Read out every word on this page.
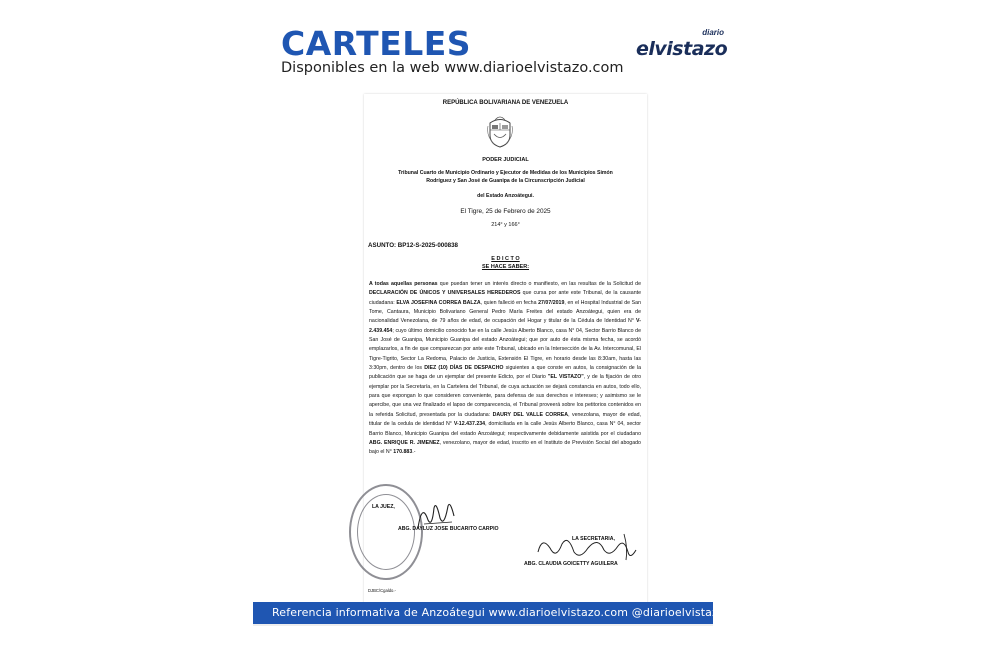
CARTELES
Disponibles en la web www.diarioelvistazo.com
diario
elvistazo
REPÚBLICA BOLIVARIANA DE VENEZUELA
PODER JUDICIAL
Tribunal Cuarto de Municipio Ordinario y Ejecutor de Medidas de los Municipios Simón
Rodríguez y San José de Guanipa de la Circunscripción Judicial
del Estado Anzoátegui.
El Tigre, 25 de Febrero de 2025
214° y 166°
ASUNTO: BP12-S-2025-000838
E D I C T O
SE HACE SABER:
A todas aquellas personas que puedan tener un interés directo o manifiesto, en las resultas de la Solicitud de DECLARACIÓN DE ÚNICOS Y UNIVERSALES HEREDEROS que cursa por ante este Tribunal, de la causante ciudadana: ELVA JOSEFINA CORREA BALZA, quien falleció en fecha 27/07/2019, en el Hospital Industrial de San Tome, Cantaura, Municipio Bolivariano General Pedro María Freites del estado Anzoátegui, quien era de nacionalidad Venezolana, de 79 años de edad, de ocupación del Hogar y titular de la Cédula de Identidad N° V-2.439.454; cuyo último domicilio conocido fue en la calle Jesús Alberto Blanco, casa N° 04, Sector Barrio Blanco de San José de Guanipa, Municipio Guanipa del estado Anzoátegui; que por auto de ésta misma fecha, se acordó emplazarlos, a fin de que comparezcan por ante este Tribunal, ubicado en la Intersección de la Av. Intercomunal, El Tigre-Tigrito, Sector La Redoma, Palacio de Justicia, Extensión El Tigre, en horario desde las 8:30am, hasta las 3:30pm, dentro de los DIEZ (10) DÍAS DE DESPACHO siguientes a que conste en autos, la consignación de la publicación que se haga de un ejemplar del presente Edicto, por el Diario "EL VISTAZO", y de la fijación de otro ejemplar por la Secretaría, en la Cartelera del Tribunal, de cuya actuación se dejará constancia en autos, todo ello, para que expongan lo que consideren conveniente, para defensa de sus derechos e intereses; y asimismo se le apercibe, que una vez finalizado el lapso de comparecencia, el Tribunal proveerá sobre los petitorios contenidos en la referida Solicitud, presentada por la ciudadana: DAURY DEL VALLE CORREA, venezolana, mayor de edad, titular de la cedula de identidad N° V-12.437.234, domiciliada en la calle Jesús Alberto Blanco, casa N° 04, sector Barrio Blanco, Municipio Guanipa del estado Anzoátegui; respectivamente debidamente asistida por el ciudadano ABG. ENRIQUE R. JIMENEZ, venezolano, mayor de edad, inscrito en el Instituto de Previsión Social del abogado bajo el N° 170.883.-
LA JUEZ,
ABG. DAYLUZ JOSE BUCARITO CARPIO
LA SECRETARIA,
ABG. CLAUDIA GOICETTY AGUILERA
DJBC/Cgaldo.-
Referencia informativa de Anzoátegui www.diarioelvistazo.com @diarioelvistazo
